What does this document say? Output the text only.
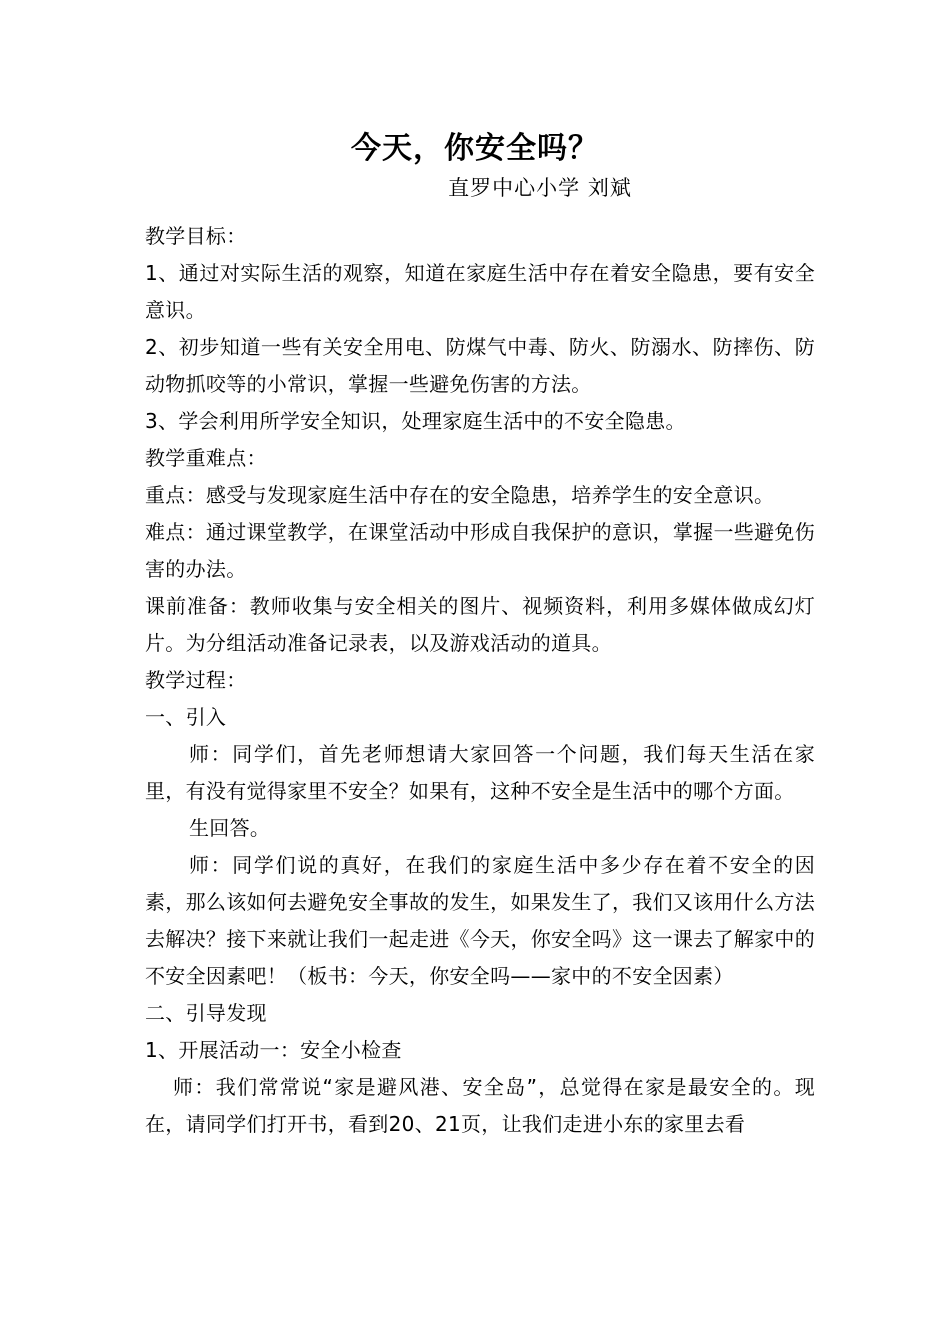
今天，你安全吗？
直罗中心小学 刘斌

教学目标：

1、通过对实际生活的观察，知道在家庭生活中存在着安全隐患，要有安全意识。

2、初步知道一些有关安全用电、防煤气中毒、防火、防溺水、防摔伤、防动物抓咬等的小常识，掌握一些避免伤害的方法。

3、学会利用所学安全知识，处理家庭生活中的不安全隐患。

教学重难点：

重点：感受与发现家庭生活中存在的安全隐患，培养学生的安全意识。

难点：通过课堂教学，在课堂活动中形成自我保护的意识，掌握一些避免伤害的办法。

课前准备：教师收集与安全相关的图片、视频资料，利用多媒体做成幻灯片。为分组活动准备记录表，以及游戏活动的道具。

教学过程：

一、引入

师：同学们，首先老师想请大家回答一个问题，我们每天生活在家里，有没有觉得家里不安全？如果有，这种不安全是生活中的哪个方面。

生回答。

师：同学们说的真好，在我们的家庭生活中多少存在着不安全的因素，那么该如何去避免安全事故的发生，如果发生了，我们又该用什么方法去解决？接下来就让我们一起走进《今天，你安全吗》这一课去了解家中的不安全因素吧！（板书：今天，你安全吗——家中的不安全因素）

二、引导发现

1、开展活动一：安全小检查

师：我们常常说“家是避风港、安全岛”，总觉得在家是最安全的。现在，请同学们打开书，看到20、21页，让我们走进小东的家里去看
